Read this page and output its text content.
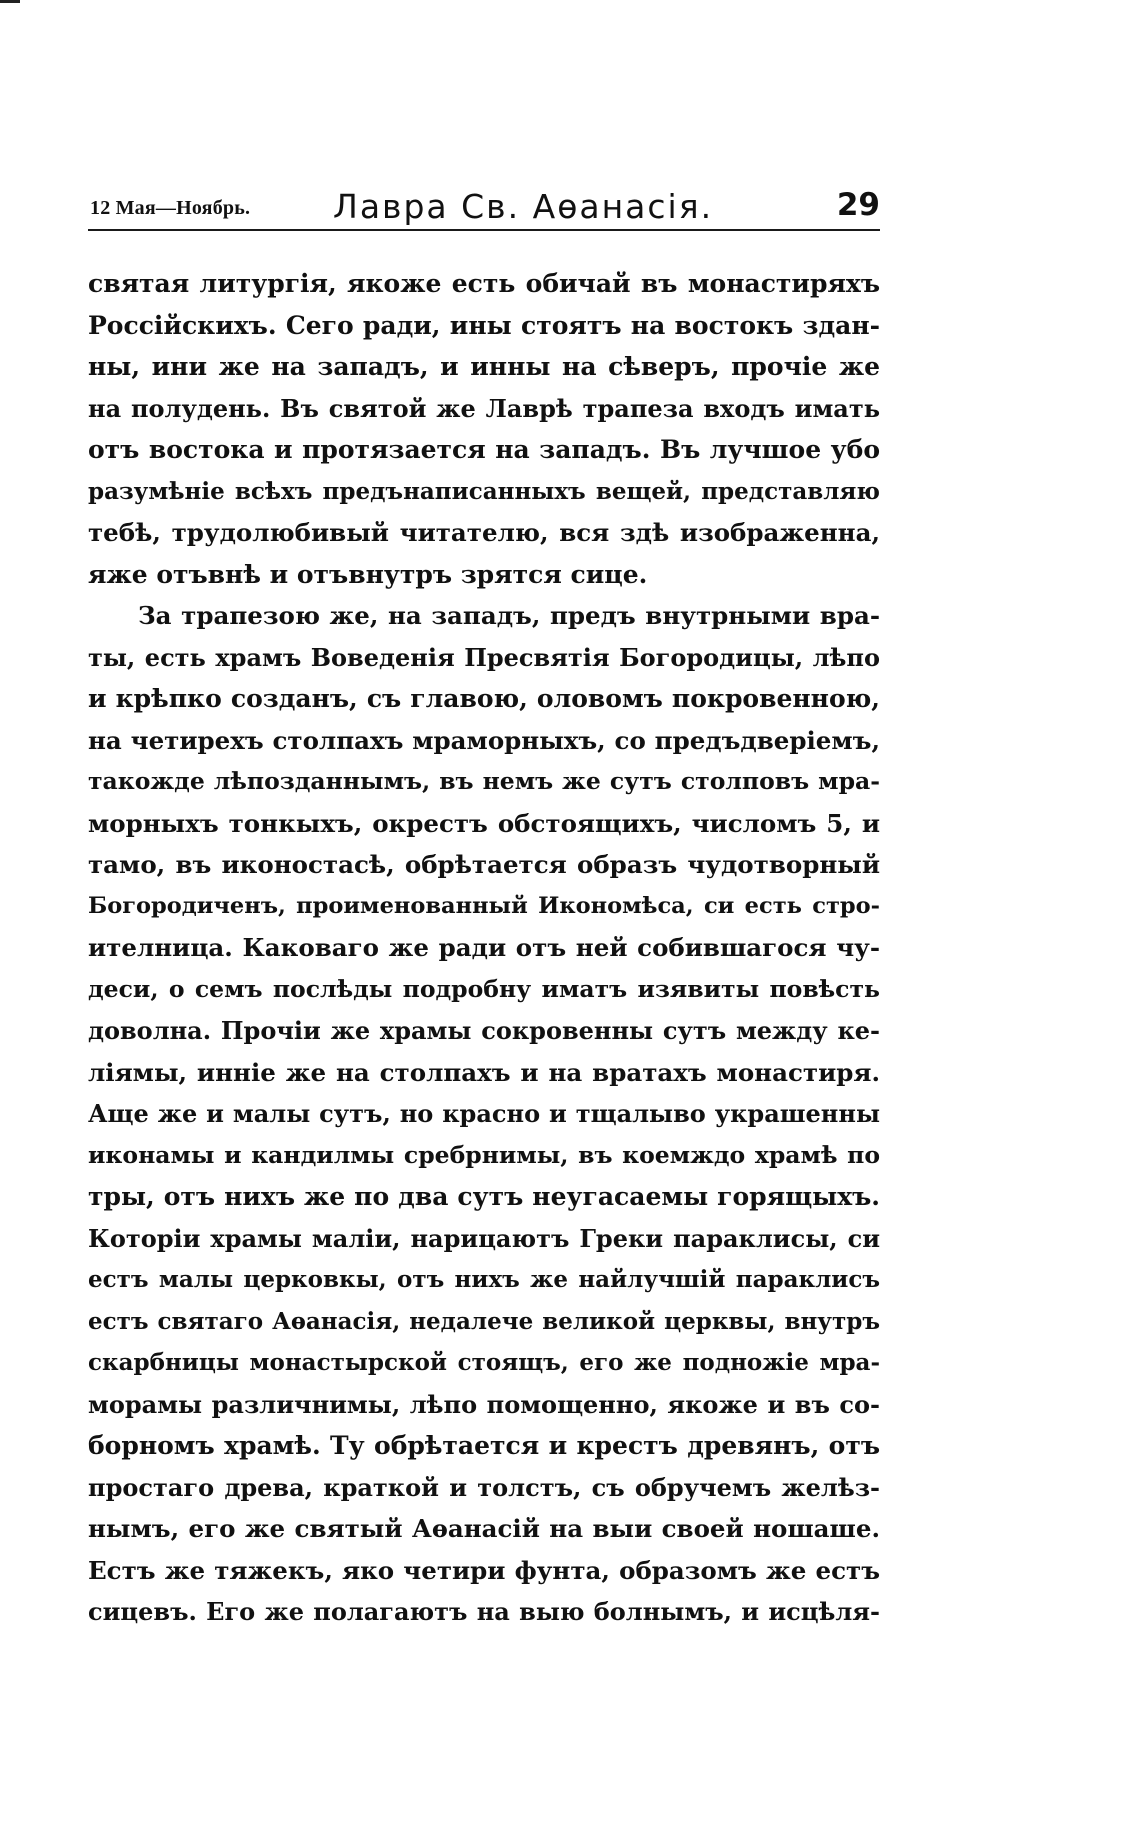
12 Мая—Ноябрь.	Лавра Св. Аѳанасія.	29
святая литургія, якоже есть обичай въ монастиряхъ
Россійскихъ. Сего ради, ины стоятъ на востокъ здан-
ны, ини же на западъ, и инны на сѣверъ, прочіе же
на полудень. Въ святой же Лаврѣ трапеза входъ имать
отъ востока и протязается на западъ. Въ лучшое убо
разумѣніе всѣхъ предънаписанныхъ вещей, представляю
тебѣ, трудолюбивый читателю, вся здѣ изображенна,
яже отъвнѣ и отъвнутръ зрятся сице.
За трапезою же, на западъ, предъ внутрными вра-
ты, есть храмъ Воведенія Пресвятія Богородицы, лѣпо
и крѣпко созданъ, съ главою, оловомъ покровенною,
на четирехъ столпахъ мраморныхъ, со предъдверіемъ,
такожде лѣпозданнымъ, въ немъ же сутъ столповъ мра-
морныхъ тонкыхъ, окрестъ обстоящихъ, числомъ 5, и
тамо, въ иконостасѣ, обрѣтается образъ чудотворный
Богородиченъ, проименованный Икономѣса, си есть стро-
ителница. Каковаго же ради отъ ней собившагося чу-
деси, о семъ послѣды подробну иматъ изявиты повѣсть
доволна. Прочіи же храмы сокровенны сутъ между ке-
ліямы, инніе же на столпахъ и на вратахъ монастиря.
Аще же и малы сутъ, но красно и тщалыво украшенны
иконамы и кандилмы сребрнимы, въ коемждо храмѣ по
тры, отъ нихъ же по два сутъ неугасаемы горящыхъ.
Которіи храмы маліи, нарицаютъ Греки параклисы, си
естъ малы церковкы, отъ нихъ же найлучшій параклисъ
естъ святаго Аѳанасія, недалече великой церквы, внутръ
скарбницы монастырской стоящъ, его же подножіе мра-
морамы различнимы, лѣпо помощенно, якоже и въ со-
борномъ храмѣ. Ту обрѣтается и крестъ древянъ, отъ
простаго древа, краткой и толстъ, съ обручемъ желѣз-
нымъ, его же святый Аѳанасій на выи своей ношаше.
Естъ же тяжекъ, яко четири фунта, образомъ же естъ
сицевъ. Его же полагаютъ на выю болнымъ, и исцѣля-
